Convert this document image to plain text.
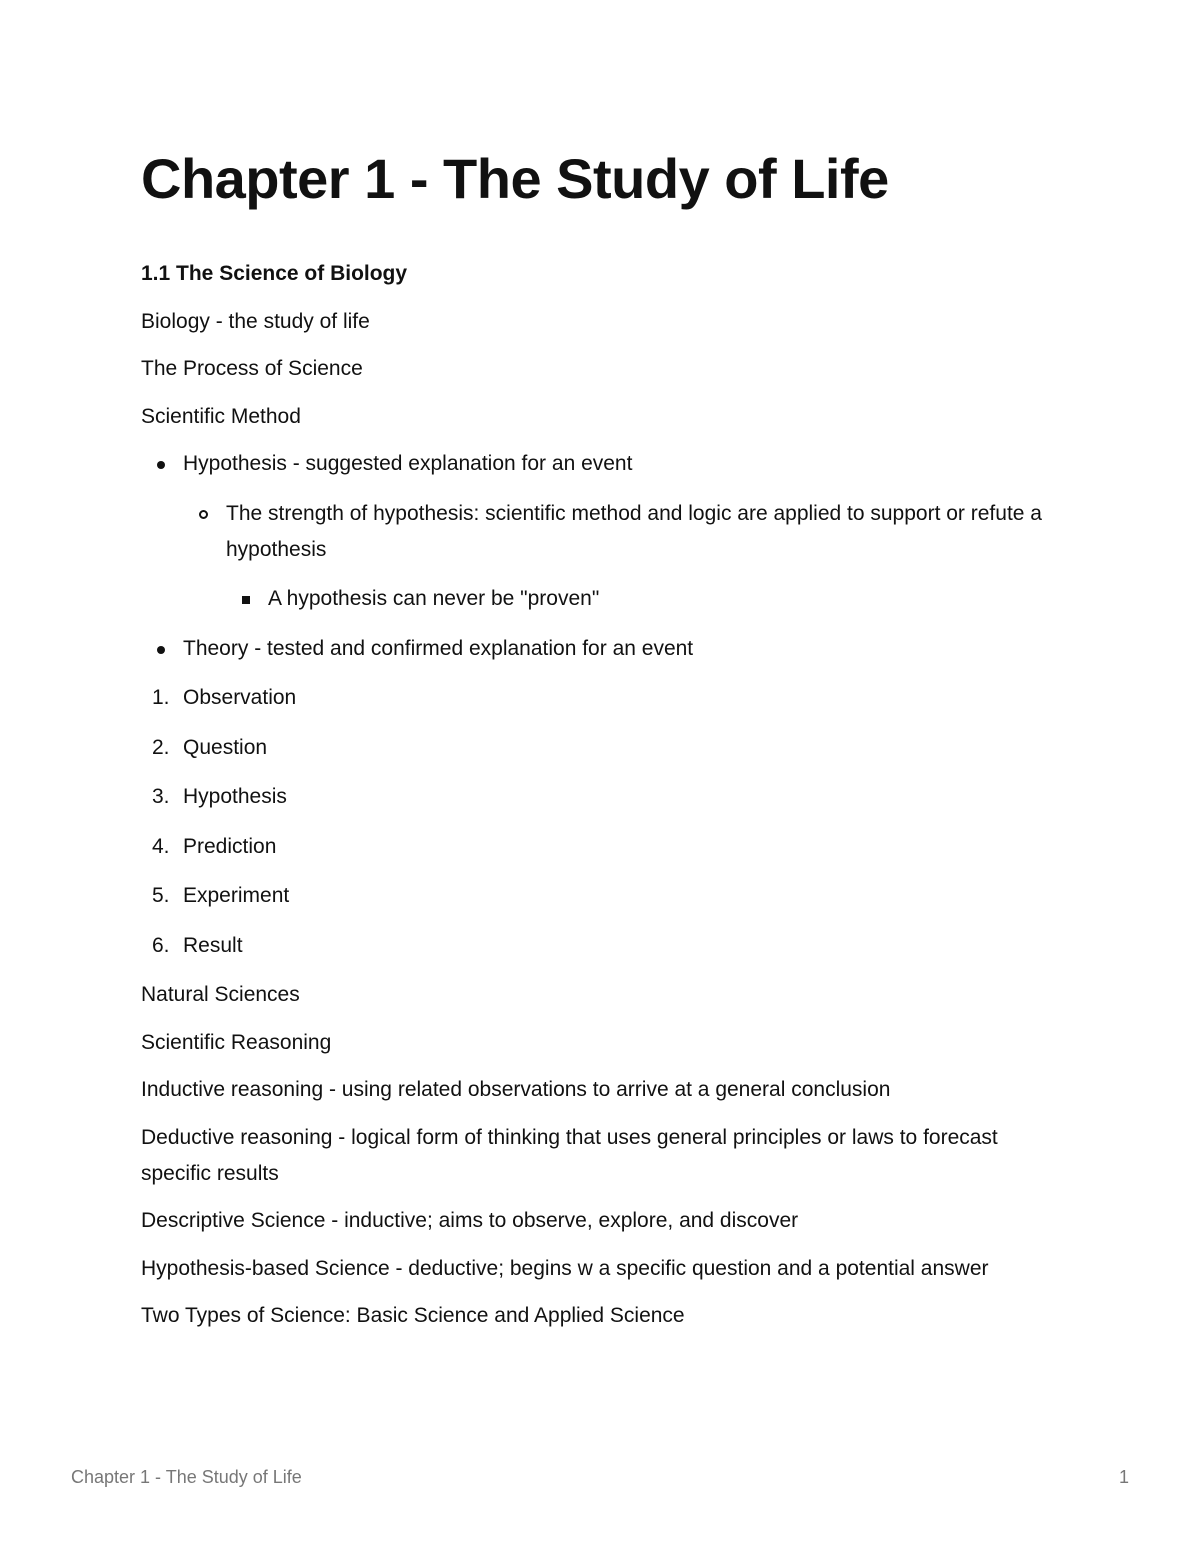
Chapter 1 - The Study of Life

1.1 The Science of Biology

Biology - the study of life

The Process of Science

Scientific Method

Hypothesis - suggested explanation for an event
The strength of hypothesis: scientific method and logic are applied to support or refute a hypothesis
A hypothesis can never be "proven"
Theory - tested and confirmed explanation for an event
1. Observation
2. Question
3. Hypothesis
4. Prediction
5. Experiment
6. Result

Natural Sciences

Scientific Reasoning

Inductive reasoning - using related observations to arrive at a general conclusion

Deductive reasoning - logical form of thinking that uses general principles or laws to forecast specific results

Descriptive Science - inductive; aims to observe, explore, and discover

Hypothesis-based Science - deductive; begins w a specific question and a potential answer

Two Types of Science: Basic Science and Applied Science

Chapter 1 - The Study of Life	1
